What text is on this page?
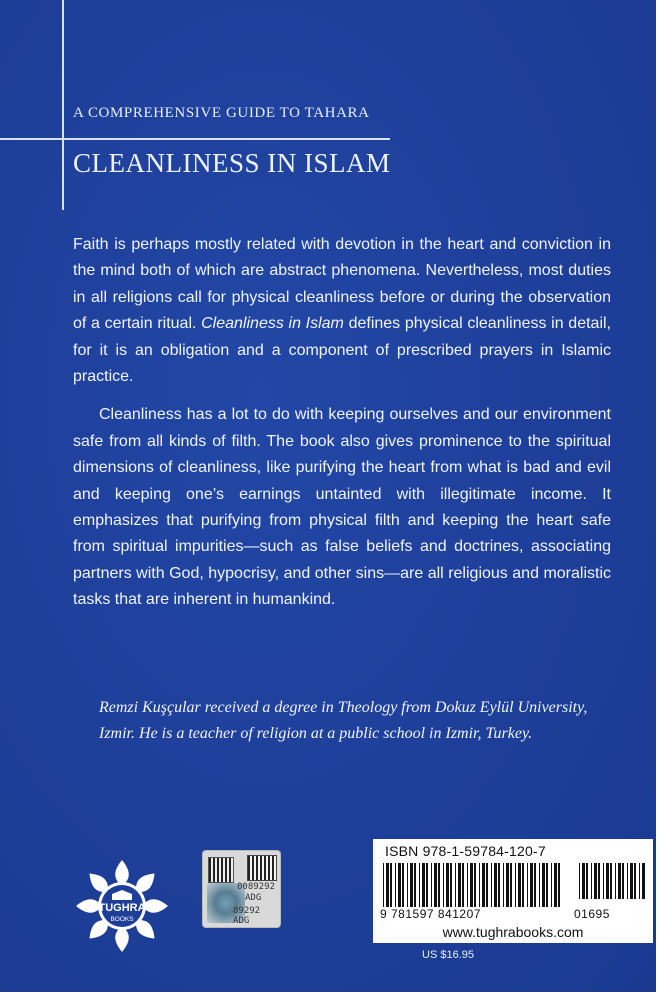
A COMPREHENSIVE GUIDE TO TAHARA
CLEANLINESS IN ISLAM

Faith is perhaps mostly related with devotion in the heart and conviction in the mind both of which are abstract phenomena. Nevertheless, most duties in all religions call for physical cleanliness before or during the observation of a certain ritual. Cleanliness in Islam defines physical cleanliness in detail, for it is an obligation and a component of prescribed prayers in Islamic practice.

Cleanliness has a lot to do with keeping ourselves and our environment safe from all kinds of filth. The book also gives prominence to the spiritual dimensions of cleanliness, like purifying the heart from what is bad and evil and keeping one’s earnings untainted with illegitimate income. It emphasizes that purifying from physical filth and keeping the heart safe from spiritual impurities—such as false beliefs and doctrines, associating partners with God, hypocrisy, and other sins—are all religious and moralistic tasks that are inherent in humankind.

Remzi Kuşçular received a degree in Theology from Dokuz Eylül University, Izmir. He is a teacher of religion at a public school in Izmir, Turkey.
TUGHRA
BOOKS
0089292
ADG
89292 ADG
ISBN 978-1-59784-120-7
9 781597 841207	01695
www.tughrabooks.com
US $16.95
